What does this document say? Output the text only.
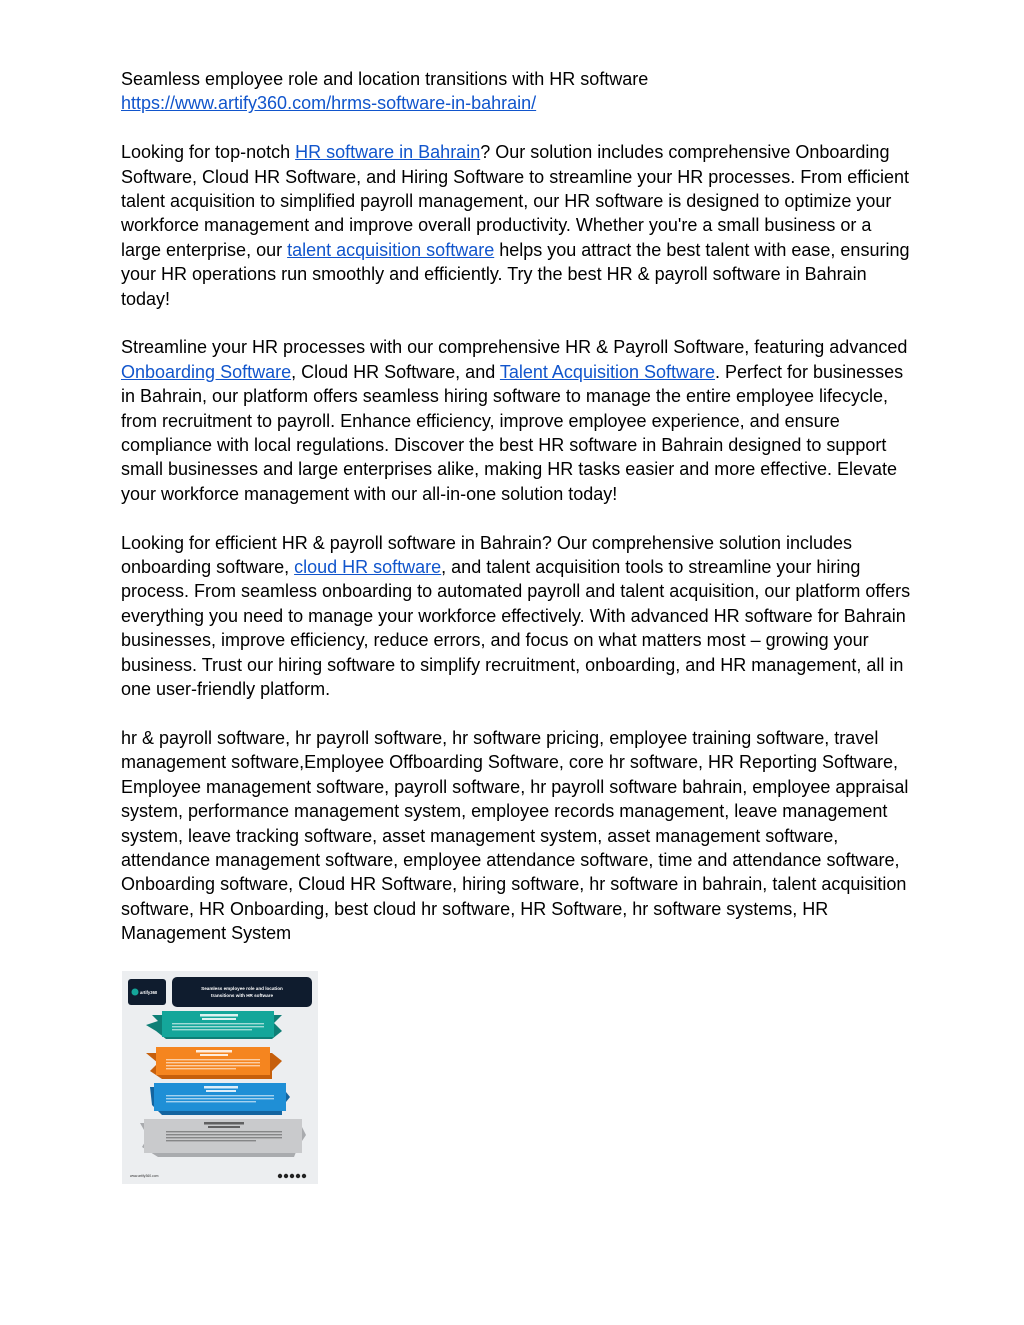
Seamless employee role and location transitions with HR software

https://www.artify360.com/hrms-software-in-bahrain/

Looking for top-notch HR software in Bahrain? Our solution includes comprehensive Onboarding Software, Cloud HR Software, and Hiring Software to streamline your HR processes. From efficient talent acquisition to simplified payroll management, our HR software is designed to optimize your workforce management and improve overall productivity. Whether you're a small business or a large enterprise, our talent acquisition software helps you attract the best talent with ease, ensuring your HR operations run smoothly and efficiently. Try the best HR & payroll software in Bahrain today!

Streamline your HR processes with our comprehensive HR & Payroll Software, featuring advanced Onboarding Software, Cloud HR Software, and Talent Acquisition Software. Perfect for businesses in Bahrain, our platform offers seamless hiring software to manage the entire employee lifecycle, from recruitment to payroll. Enhance efficiency, improve employee experience, and ensure compliance with local regulations. Discover the best HR software in Bahrain designed to support small businesses and large enterprises alike, making HR tasks easier and more effective. Elevate your workforce management with our all-in-one solution today!

Looking for efficient HR & payroll software in Bahrain? Our comprehensive solution includes onboarding software, cloud HR software, and talent acquisition tools to streamline your hiring process. From seamless onboarding to automated payroll and talent acquisition, our platform offers everything you need to manage your workforce effectively. With advanced HR software for Bahrain businesses, improve efficiency, reduce errors, and focus on what matters most – growing your business. Trust our hiring software to simplify recruitment, onboarding, and HR management, all in one user-friendly platform.

hr & payroll software, hr payroll software, hr software pricing, employee training software, travel management software,Employee Offboarding Software, core hr software, HR Reporting Software, Employee management software, payroll software, hr payroll software bahrain, employee appraisal system, performance management system, employee records management, leave management system, leave tracking software, asset management system, asset management software, attendance management software, employee attendance software, time and attendance software, Onboarding software, Cloud HR Software, hiring software, hr software in bahrain, talent acquisition software, HR Onboarding, best cloud hr software, HR Software, hr software systems, HR Management System

artify360
Seamless employee role and location
transitions with HR software
www.artify360.com
